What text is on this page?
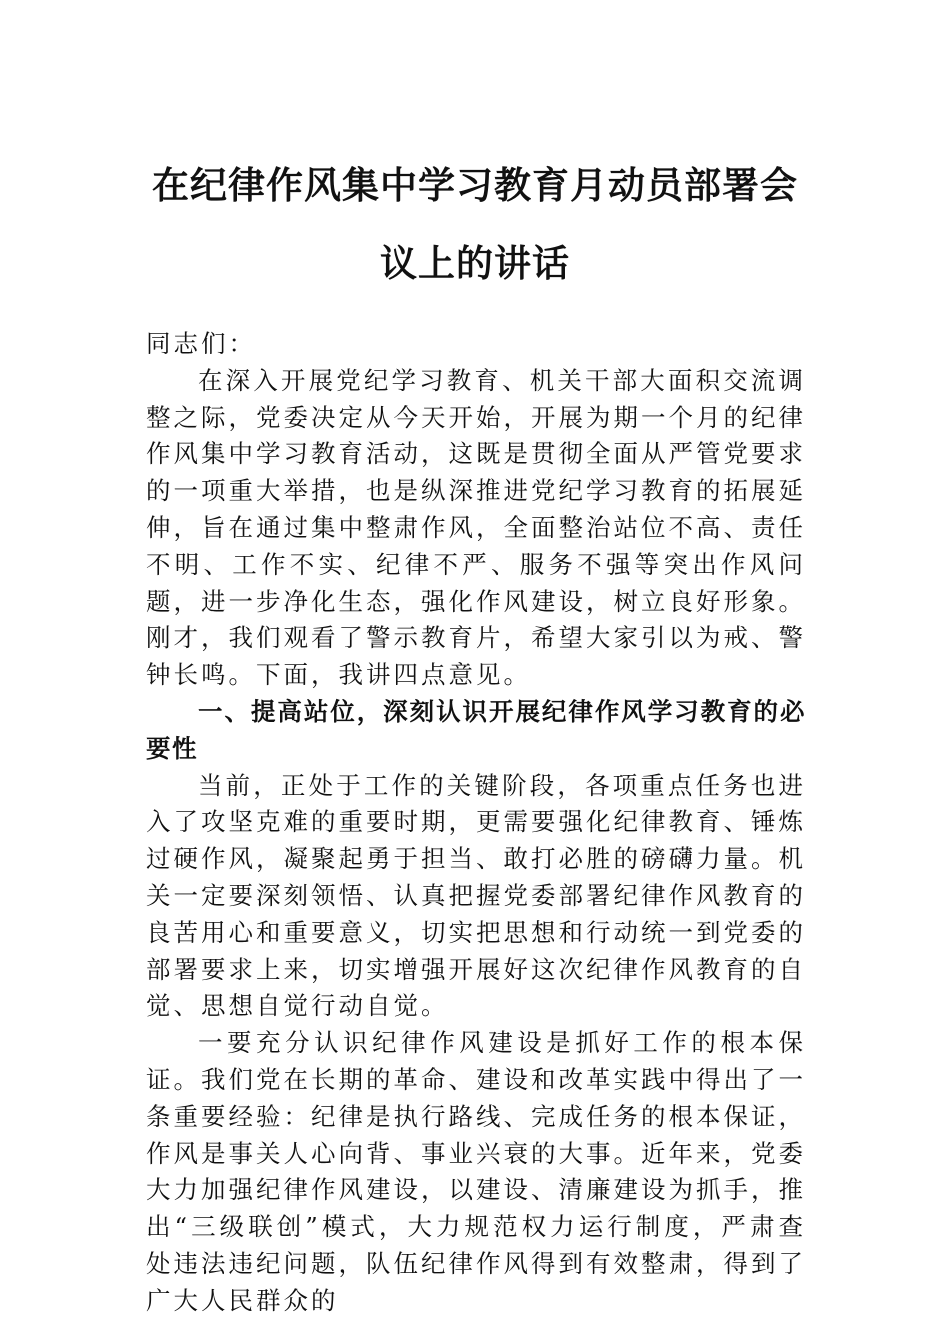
在纪律作风集中学习教育月动员部署会议上的讲话

同志们：

在深入开展党纪学习教育、机关干部大面积交流调整之际，党委决定从今天开始，开展为期一个月的纪律作风集中学习教育活动，这既是贯彻全面从严管党要求的一项重大举措，也是纵深推进党纪学习教育的拓展延伸，旨在通过集中整肃作风，全面整治站位不高、责任不明、工作不实、纪律不严、服务不强等突出作风问题，进一步净化生态，强化作风建设，树立良好形象。刚才，我们观看了警示教育片，希望大家引以为戒、警钟长鸣。下面，我讲四点意见。

一、提高站位，深刻认识开展纪律作风学习教育的必要性

当前，正处于工作的关键阶段，各项重点任务也进入了攻坚克难的重要时期，更需要强化纪律教育、锤炼过硬作风，凝聚起勇于担当、敢打必胜的磅礴力量。机关一定要深刻领悟、认真把握党委部署纪律作风教育的良苦用心和重要意义，切实把思想和行动统一到党委的部署要求上来，切实增强开展好这次纪律作风教育的自觉、思想自觉行动自觉。

一要充分认识纪律作风建设是抓好工作的根本保证。我们党在长期的革命、建设和改革实践中得出了一条重要经验：纪律是执行路线、完成任务的根本保证，作风是事关人心向背、事业兴衰的大事。近年来，党委大力加强纪律作风建设，以建设、清廉建设为抓手，推出“三级联创”模式，大力规范权力运行制度，严肃查处违法违纪问题，队伍纪律作风得到有效整肃，得到了广大人民群众的
